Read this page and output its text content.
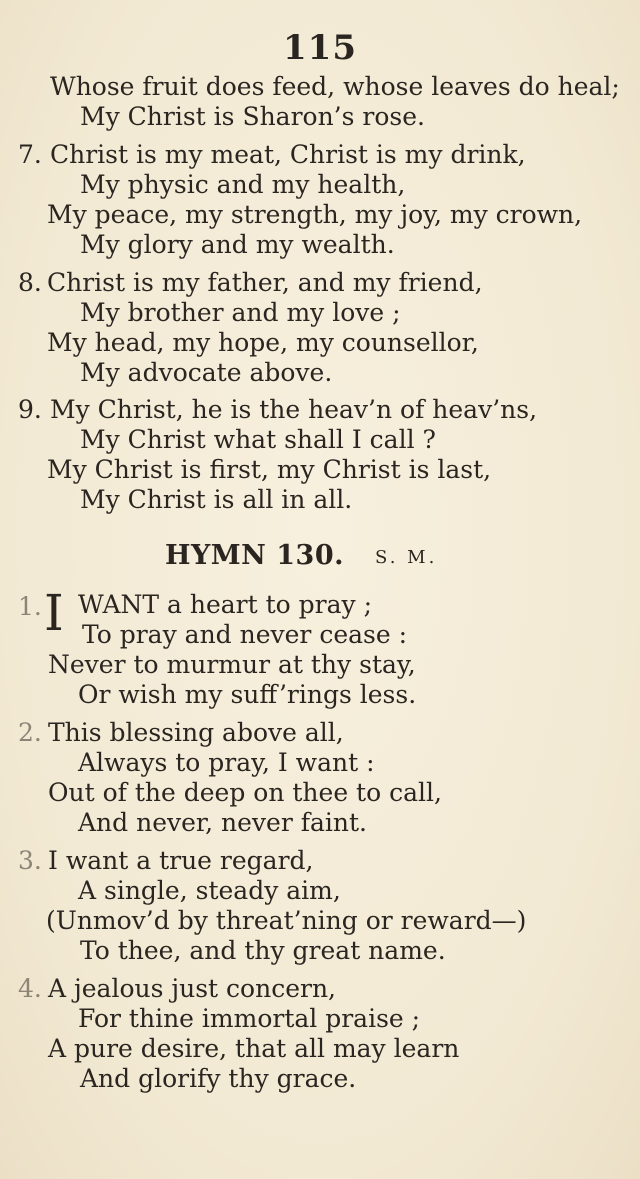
115
Whose fruit does feed, whose leaves do heal;
My Christ is Sharon’s rose.
7. Christ is my meat, Christ is my drink,
My physic and my health,
My peace, my strength, my joy, my crown,
My glory and my wealth.
8. Christ is my father, and my friend,
My brother and my love ;
My head, my hope, my counsellor,
My advocate above.
9. My Christ, he is the heav’n of heav’ns,
My Christ what shall I call ?
My Christ is first, my Christ is last,
My Christ is all in all.
HYMN 130. S. M.
1. I WANT a heart to pray ;
To pray and never cease :
Never to murmur at thy stay,
Or wish my suff’rings less.
2. This blessing above all,
Always to pray, I want :
Out of the deep on thee to call,
And never, never faint.
3. I want a true regard,
A single, steady aim,
(Unmov’d by threat’ning or reward—)
To thee, and thy great name.
4. A jealous just concern,
For thine immortal praise ;
A pure desire, that all may learn
And glorify thy grace.
